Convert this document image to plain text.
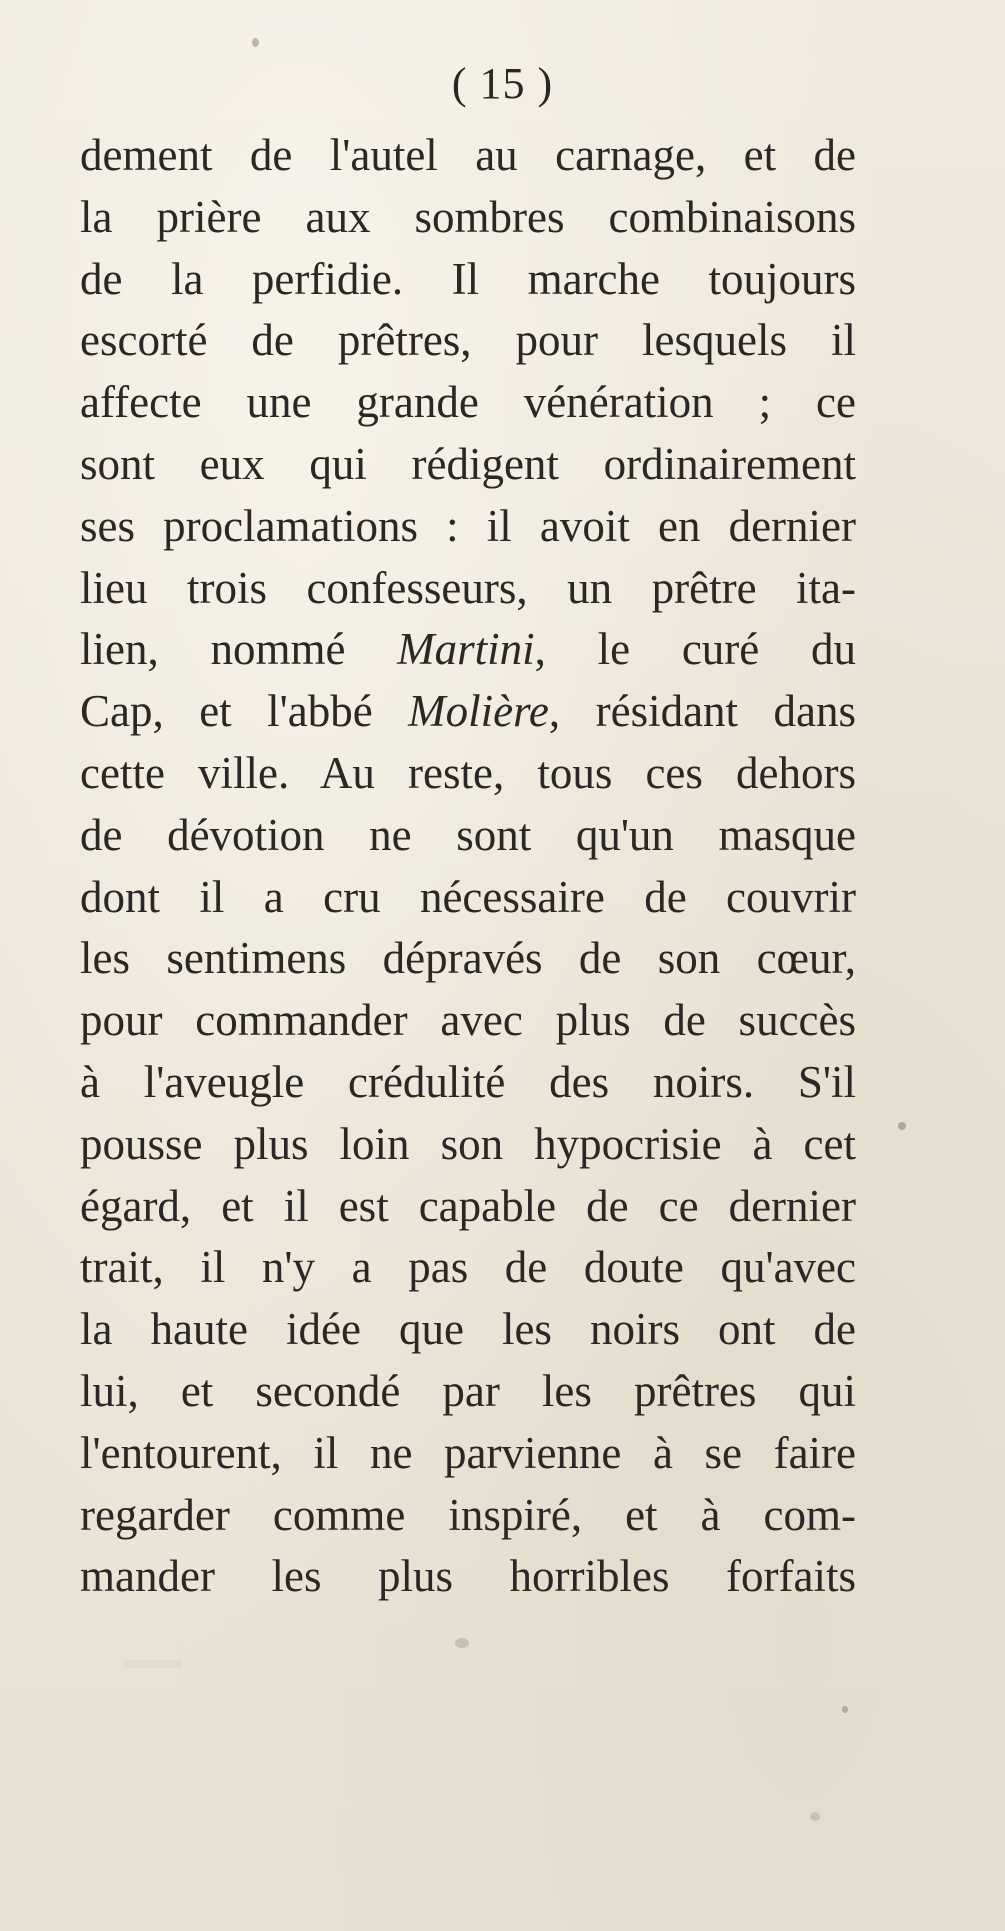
( 15 )
dement de l'autel au carnage, et de
la prière aux sombres combinaisons
de la perfidie. Il marche toujours
escorté de prêtres, pour lesquels il
affecte une grande vénération ; ce
sont eux qui rédigent ordinairement
ses proclamations : il avoit en dernier
lieu trois confesseurs, un prêtre ita-
lien, nommé Martini, le curé du
Cap, et l'abbé Molière, résidant dans
cette ville. Au reste, tous ces dehors
de dévotion ne sont qu'un masque
dont il a cru nécessaire de couvrir
les sentimens dépravés de son cœur,
pour commander avec plus de succès
à l'aveugle crédulité des noirs. S'il
pousse plus loin son hypocrisie à cet
égard, et il est capable de ce dernier
trait, il n'y a pas de doute qu'avec
la haute idée que les noirs ont de
lui, et secondé par les prêtres qui
l'entourent, il ne parvienne à se faire
regarder comme inspiré, et à com-
mander les plus horribles forfaits
